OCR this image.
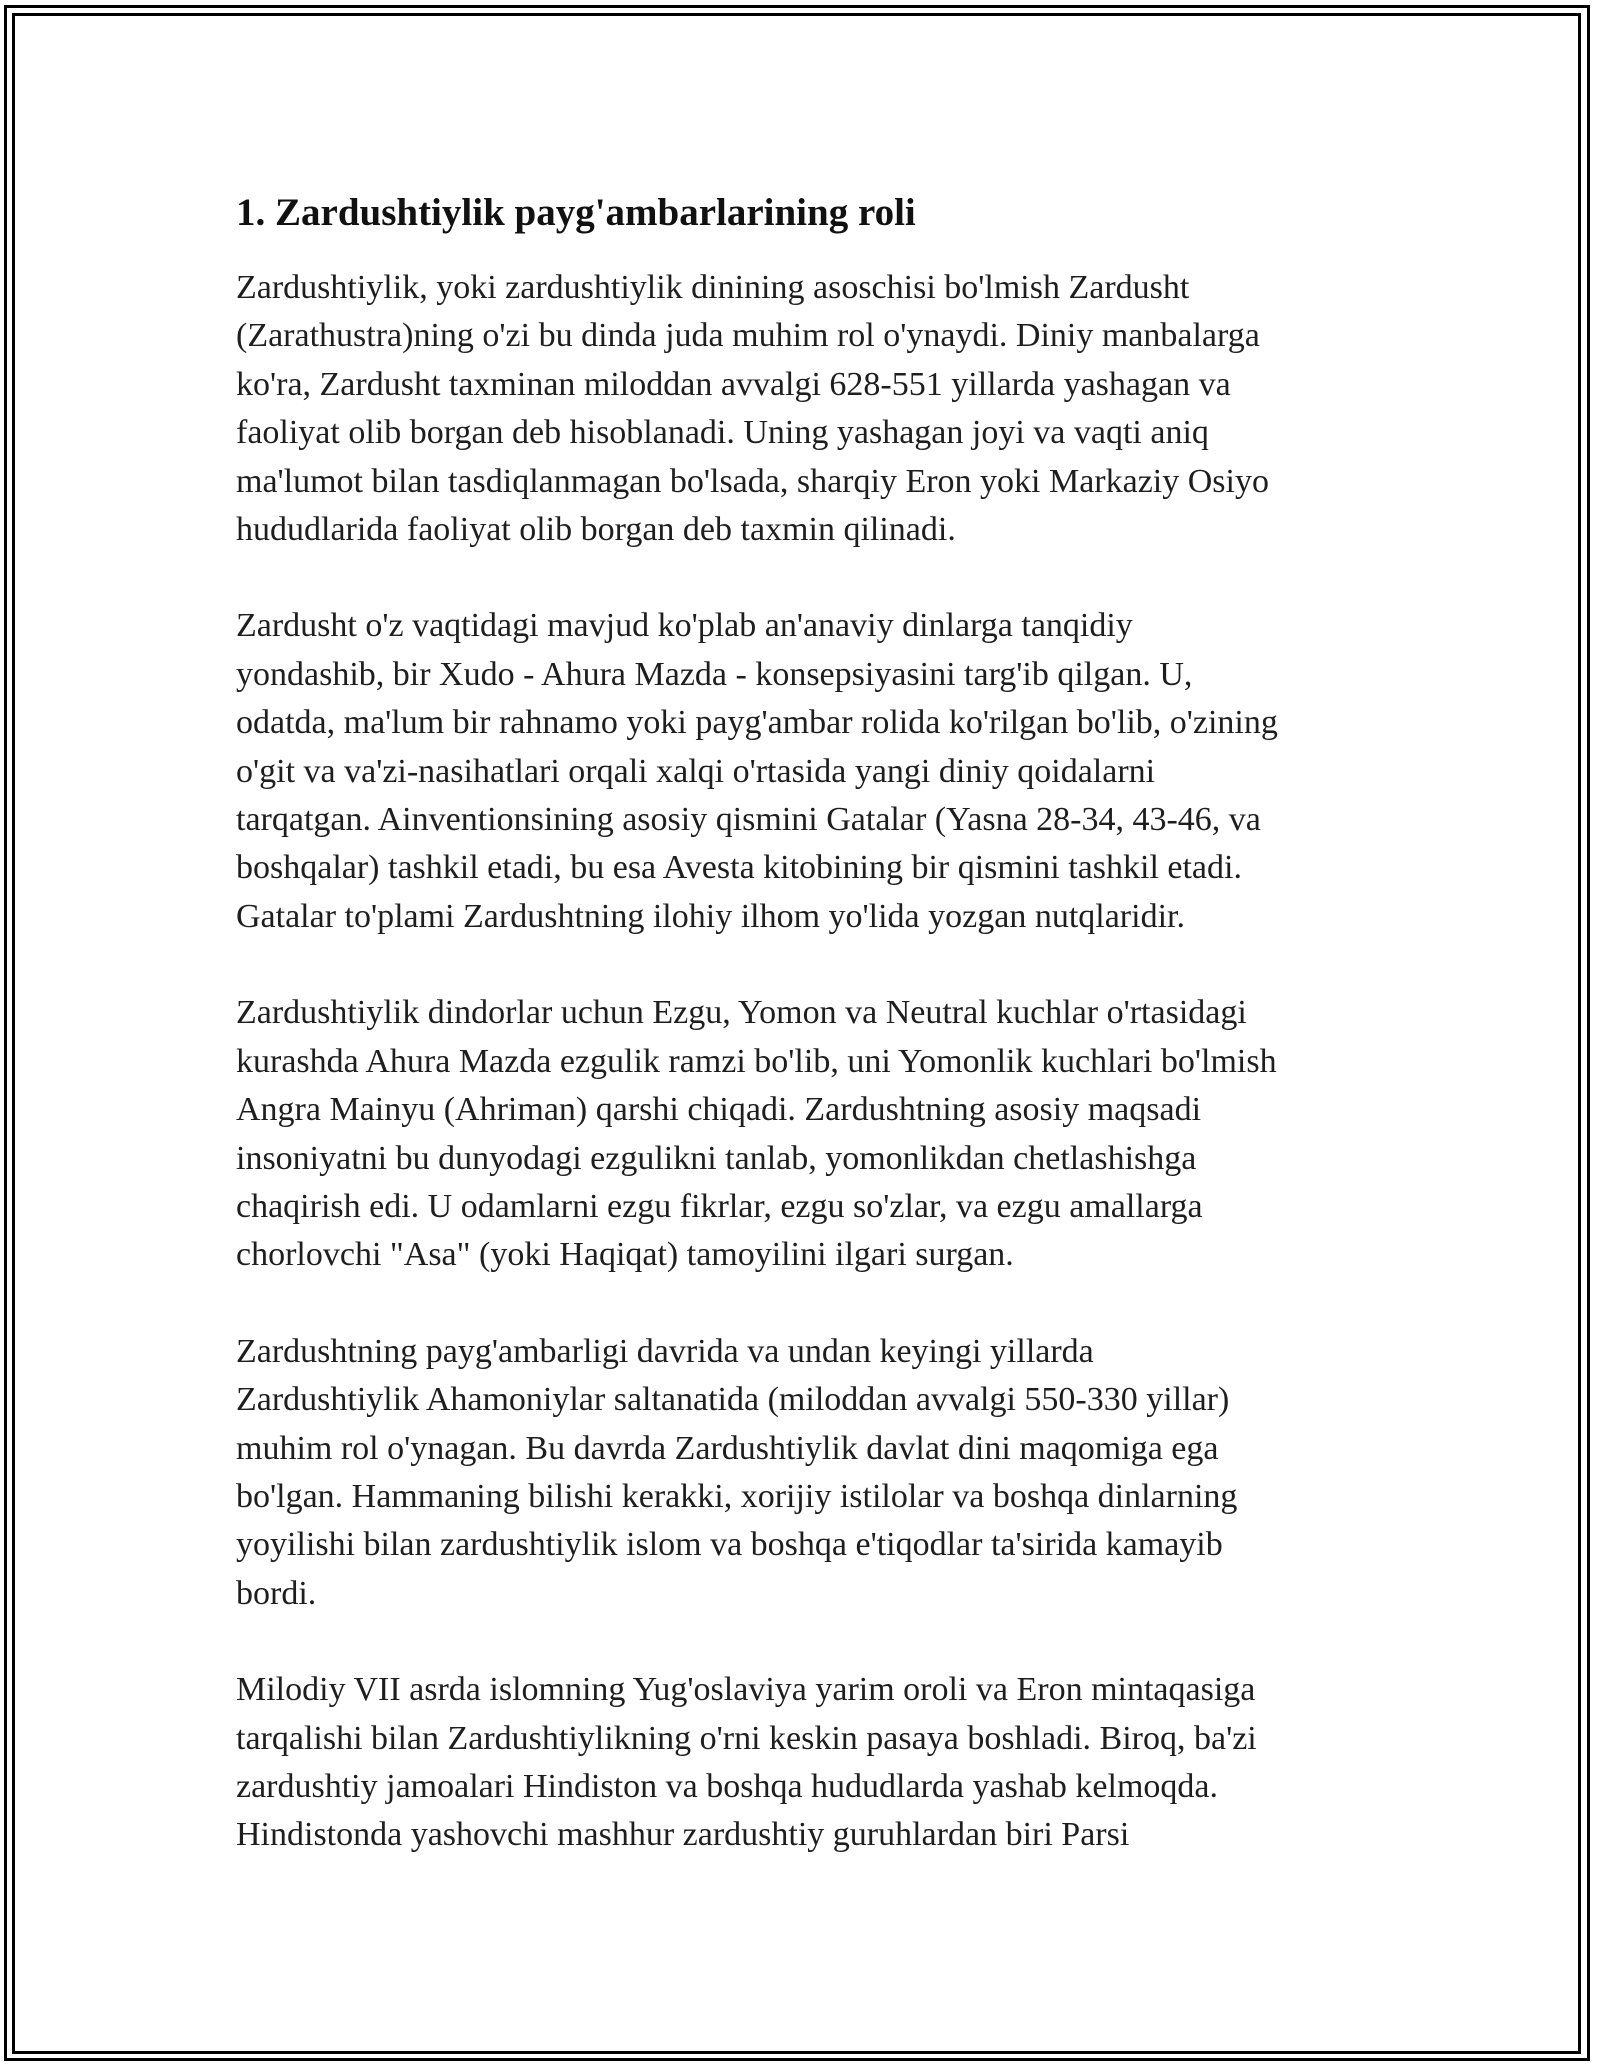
1. Zardushtiylik payg'ambarlarining roli

Zardushtiylik, yoki zardushtiylik dinining asoschisi bo'lmish Zardusht
(Zarathustra)ning o'zi bu dinda juda muhim rol o'ynaydi. Diniy manbalarga
ko'ra, Zardusht taxminan miloddan avvalgi 628-551 yillarda yashagan va
faoliyat olib borgan deb hisoblanadi. Uning yashagan joyi va vaqti aniq
ma'lumot bilan tasdiqlanmagan bo'lsada, sharqiy Eron yoki Markaziy Osiyo
hududlarida faoliyat olib borgan deb taxmin qilinadi.

Zardusht o'z vaqtidagi mavjud ko'plab an'anaviy dinlarga tanqidiy
yondashib, bir Xudo - Ahura Mazda - konsepsiyasini targ'ib qilgan. U,
odatda, ma'lum bir rahnamo yoki payg'ambar rolida ko'rilgan bo'lib, o'zining
o'git va va'zi-nasihatlari orqali xalqi o'rtasida yangi diniy qoidalarni
tarqatgan. Ainventionsining asosiy qismini Gatalar (Yasna 28-34, 43-46, va
boshqalar) tashkil etadi, bu esa Avesta kitobining bir qismini tashkil etadi.
Gatalar to'plami Zardushtning ilohiy ilhom yo'lida yozgan nutqlaridir.

Zardushtiylik dindorlar uchun Ezgu, Yomon va Neutral kuchlar o'rtasidagi
kurashda Ahura Mazda ezgulik ramzi bo'lib, uni Yomonlik kuchlari bo'lmish
Angra Mainyu (Ahriman) qarshi chiqadi. Zardushtning asosiy maqsadi
insoniyatni bu dunyodagi ezgulikni tanlab, yomonlikdan chetlashishga
chaqirish edi. U odamlarni ezgu fikrlar, ezgu so'zlar, va ezgu amallarga
chorlovchi "Asa" (yoki Haqiqat) tamoyilini ilgari surgan.

Zardushtning payg'ambarligi davrida va undan keyingi yillarda
Zardushtiylik Ahamoniylar saltanatida (miloddan avvalgi 550-330 yillar)
muhim rol o'ynagan. Bu davrda Zardushtiylik davlat dini maqomiga ega
bo'lgan. Hammaning bilishi kerakki, xorijiy istilolar va boshqa dinlarning
yoyilishi bilan zardushtiylik islom va boshqa e'tiqodlar ta'sirida kamayib
bordi.

Milodiy VII asrda islomning Yug'oslaviya yarim oroli va Eron mintaqasiga
tarqalishi bilan Zardushtiylikning o'rni keskin pasaya boshladi. Biroq, ba'zi
zardushtiy jamoalari Hindiston va boshqa hududlarda yashab kelmoqda.
Hindistonda yashovchi mashhur zardushtiy guruhlardan biri Parsi
